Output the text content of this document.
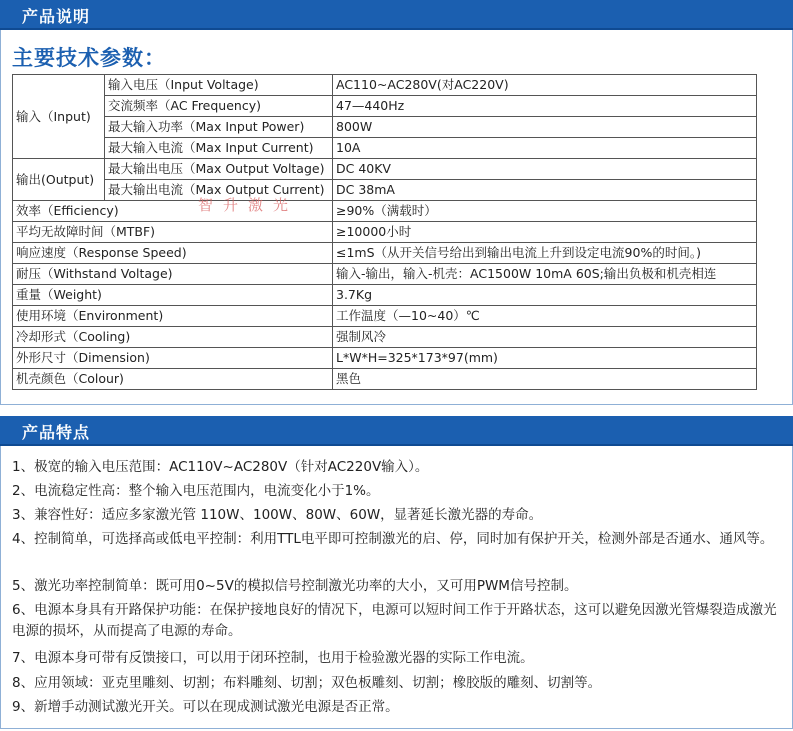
产品说明
主要技术参数：
输入（Input)	输入电压（Input Voltage)	AC110~AC280V(对AC220V)
	交流频率（AC Frequency)	47—440Hz
	最大输入功率（Max Input Power)	800W
	最大输入电流（Max Input Current)	10A
输出(Output)	最大输出电压（Max Output Voltage)	DC 40KV
	最大输出电流（Max Output Current)	DC 38mA
效率（Efficiency)		≥90%（满载时）
平均无故障时间（MTBF)		≥10000小时
响应速度（Response Speed)		≤1mS（从开关信号给出到输出电流上升到设定电流90%的时间。)
耐压（Withstand Voltage)		输入-输出，输入-机壳：AC1500W 10mA 60S;输出负极和机壳相连
重量（Weight)		3.7Kg
使用环境（Environment)		工作温度（—10~40）℃
冷却形式（Cooling)		强制风冷
外形尺寸（Dimension)		L*W*H=325*173*97(mm)
机壳颜色（Colour)		黑色
智升激光
产品特点
1、极宽的输入电压范围：AC110V~AC280V（针对AC220V输入）。
2、电流稳定性高：整个输入电压范围内，电流变化小于1%。
3、兼容性好：适应多家激光管 110W、100W、80W、60W，显著延长激光器的寿命。
4、控制简单，可选择高或低电平控制：利用TTL电平即可控制激光的启、停，同时加有保护开关，检测外部是否通水、通风等。
5、激光功率控制简单：既可用0~5V的模拟信号控制激光功率的大小，又可用PWM信号控制。
6、电源本身具有开路保护功能：在保护接地良好的情况下，电源可以短时间工作于开路状态，这可以避免因激光管爆裂造成激光电源的损坏，从而提高了电源的寿命。
7、电源本身可带有反馈接口，可以用于闭环控制，也用于检验激光器的实际工作电流。
8、应用领域：亚克里雕刻、切割；布料雕刻、切割；双色板雕刻、切割；橡胶版的雕刻、切割等。
9、新增手动测试激光开关。可以在现成测试激光电源是否正常。
